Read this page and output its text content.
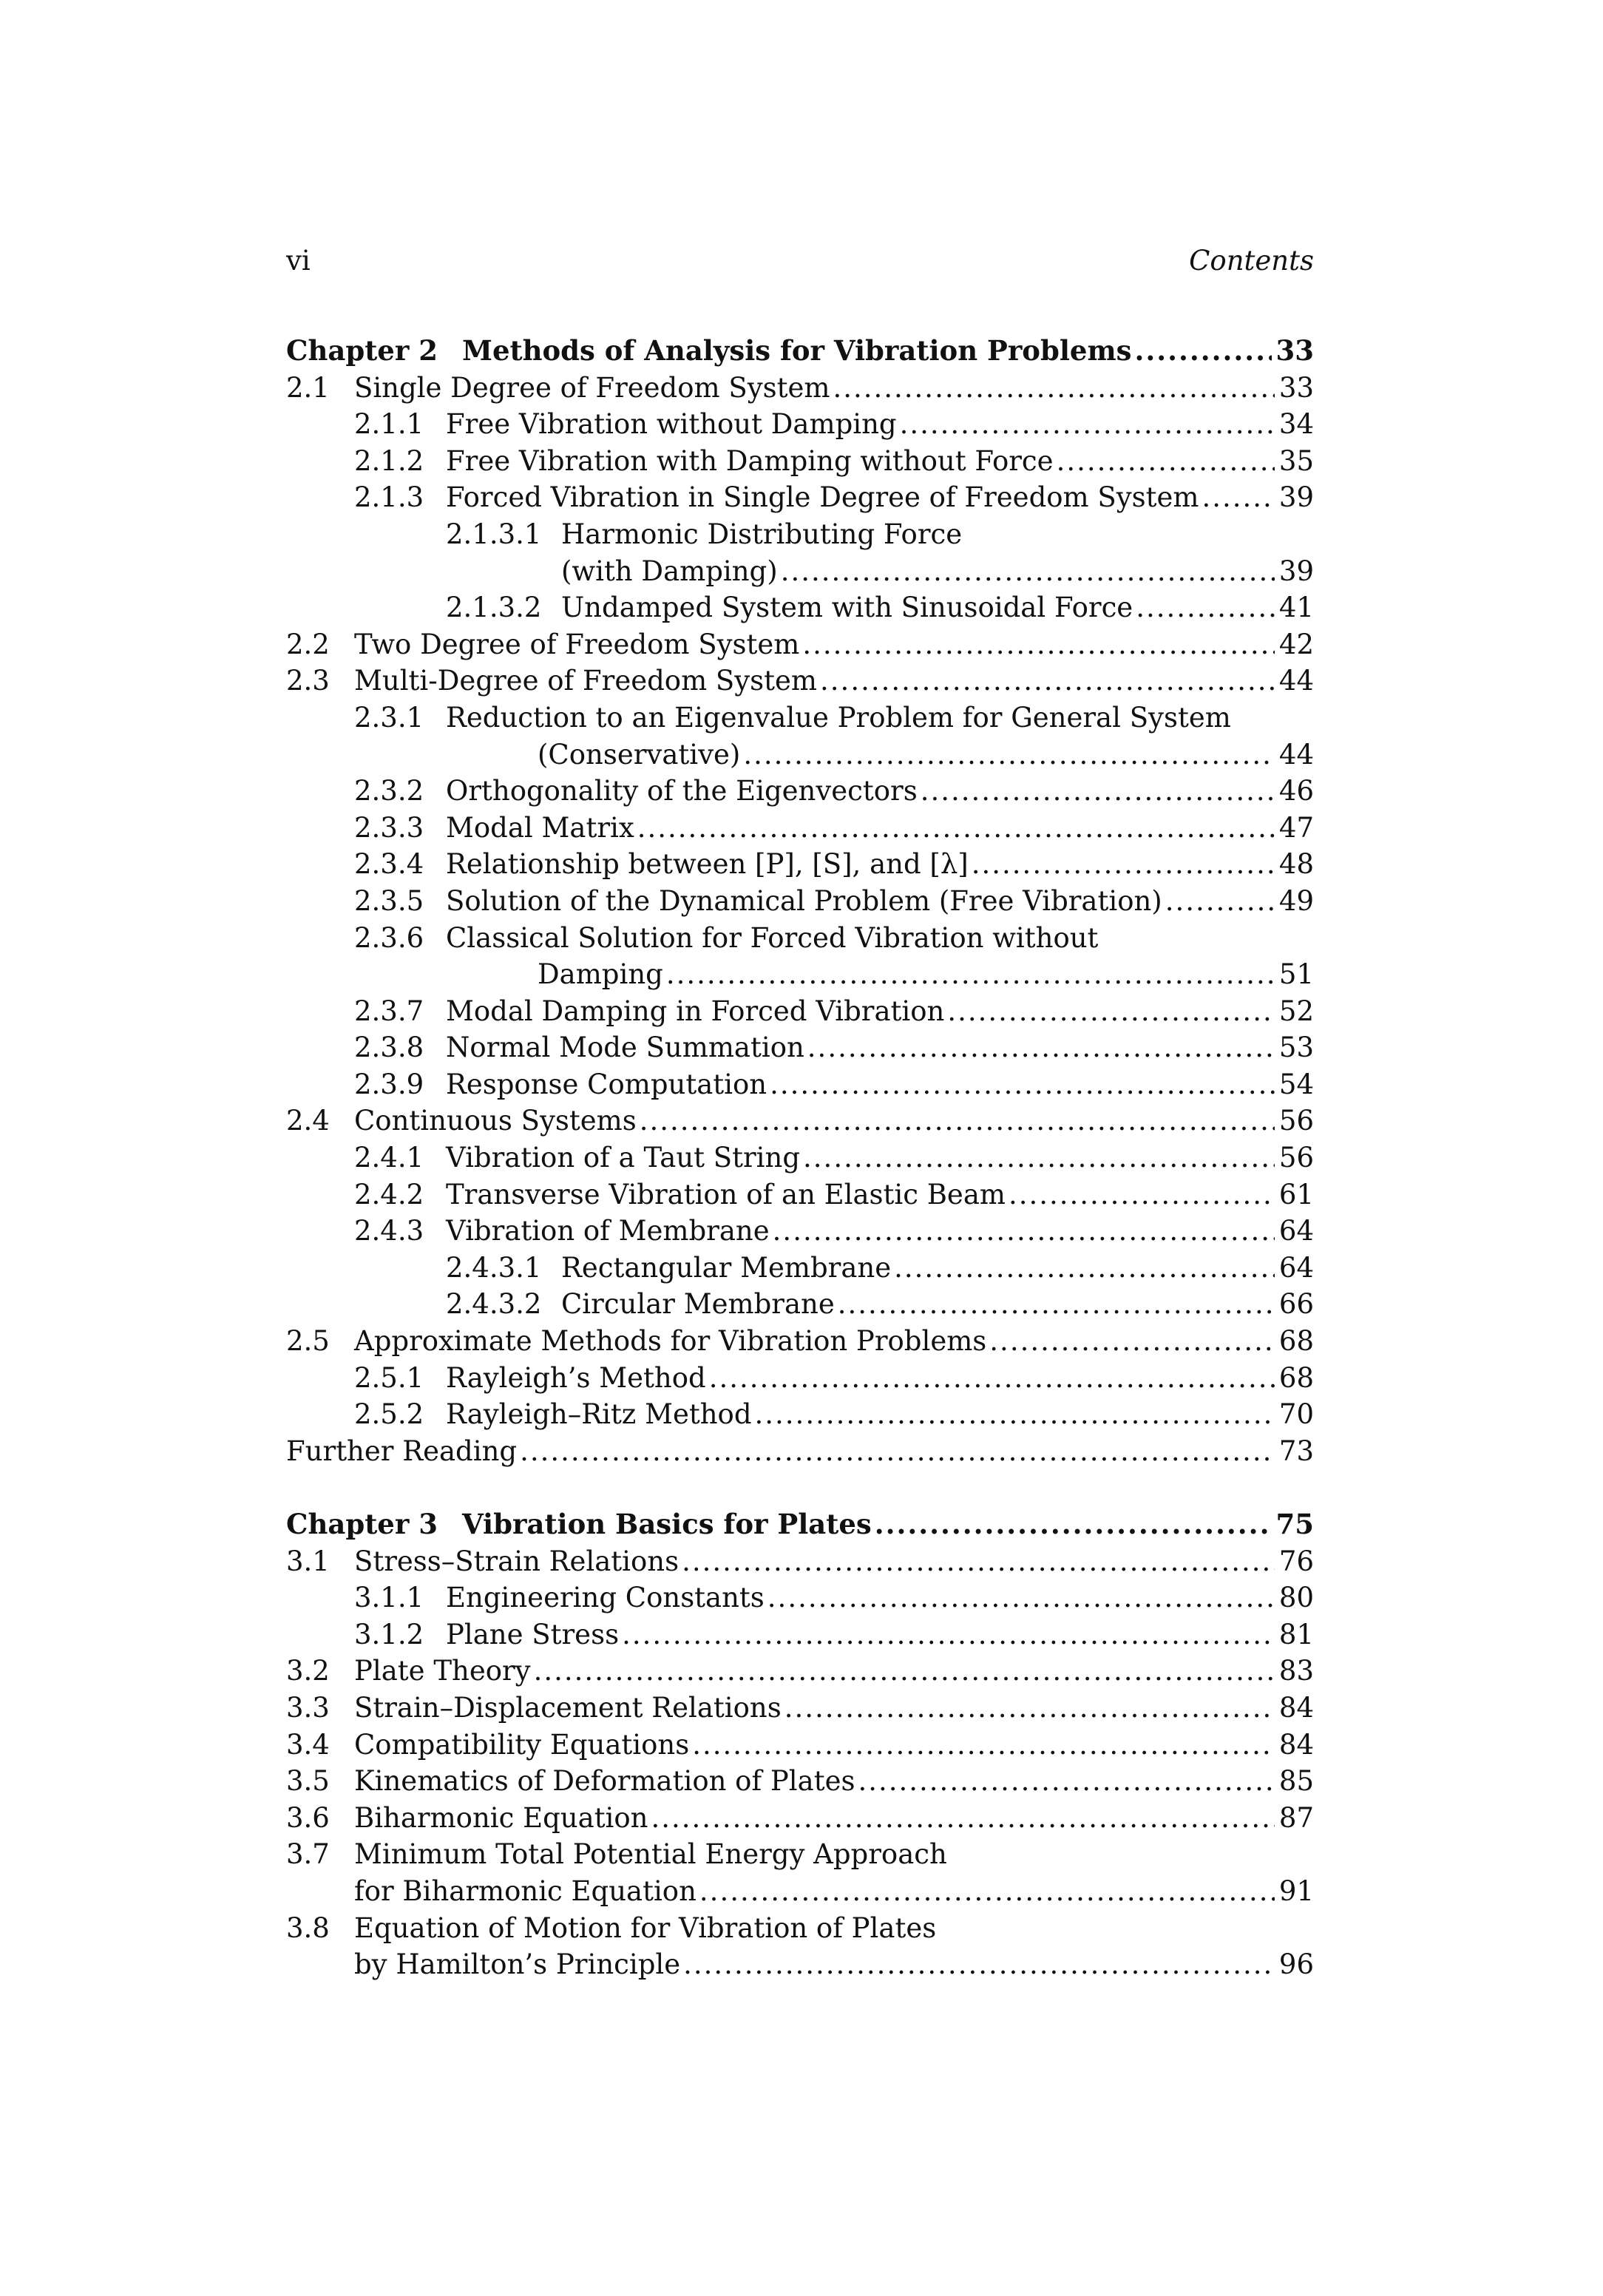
vi	Contents
Chapter 2 Methods of Analysis for Vibration Problems .....	33
2.1 Single Degree of Freedom System .....	33
2.1.1 Free Vibration without Damping .....	34
2.1.2 Free Vibration with Damping without Force .....	35
2.1.3 Forced Vibration in Single Degree of Freedom System .....	39
2.1.3.1 Harmonic Distributing Force
(with Damping) .....	39
2.1.3.2 Undamped System with Sinusoidal Force .....	41
2.2 Two Degree of Freedom System .....	42
2.3 Multi-Degree of Freedom System .....	44
2.3.1 Reduction to an Eigenvalue Problem for General System
(Conservative) .....	44
2.3.2 Orthogonality of the Eigenvectors .....	46
2.3.3 Modal Matrix .....	47
2.3.4 Relationship between [P], [S], and [λ] .....	48
2.3.5 Solution of the Dynamical Problem (Free Vibration) .....	49
2.3.6 Classical Solution for Forced Vibration without
Damping .....	51
2.3.7 Modal Damping in Forced Vibration .....	52
2.3.8 Normal Mode Summation .....	53
2.3.9 Response Computation .....	54
2.4 Continuous Systems .....	56
2.4.1 Vibration of a Taut String .....	56
2.4.2 Transverse Vibration of an Elastic Beam .....	61
2.4.3 Vibration of Membrane .....	64
2.4.3.1 Rectangular Membrane .....	64
2.4.3.2 Circular Membrane .....	66
2.5 Approximate Methods for Vibration Problems .....	68
2.5.1 Rayleigh’s Method .....	68
2.5.2 Rayleigh–Ritz Method .....	70
Further Reading .....	73
Chapter 3 Vibration Basics for Plates .....	75
3.1 Stress–Strain Relations .....	76
3.1.1 Engineering Constants .....	80
3.1.2 Plane Stress .....	81
3.2 Plate Theory .....	83
3.3 Strain–Displacement Relations .....	84
3.4 Compatibility Equations .....	84
3.5 Kinematics of Deformation of Plates .....	85
3.6 Biharmonic Equation .....	87
3.7 Minimum Total Potential Energy Approach
for Biharmonic Equation .....	91
3.8 Equation of Motion for Vibration of Plates
by Hamilton’s Principle .....	96
